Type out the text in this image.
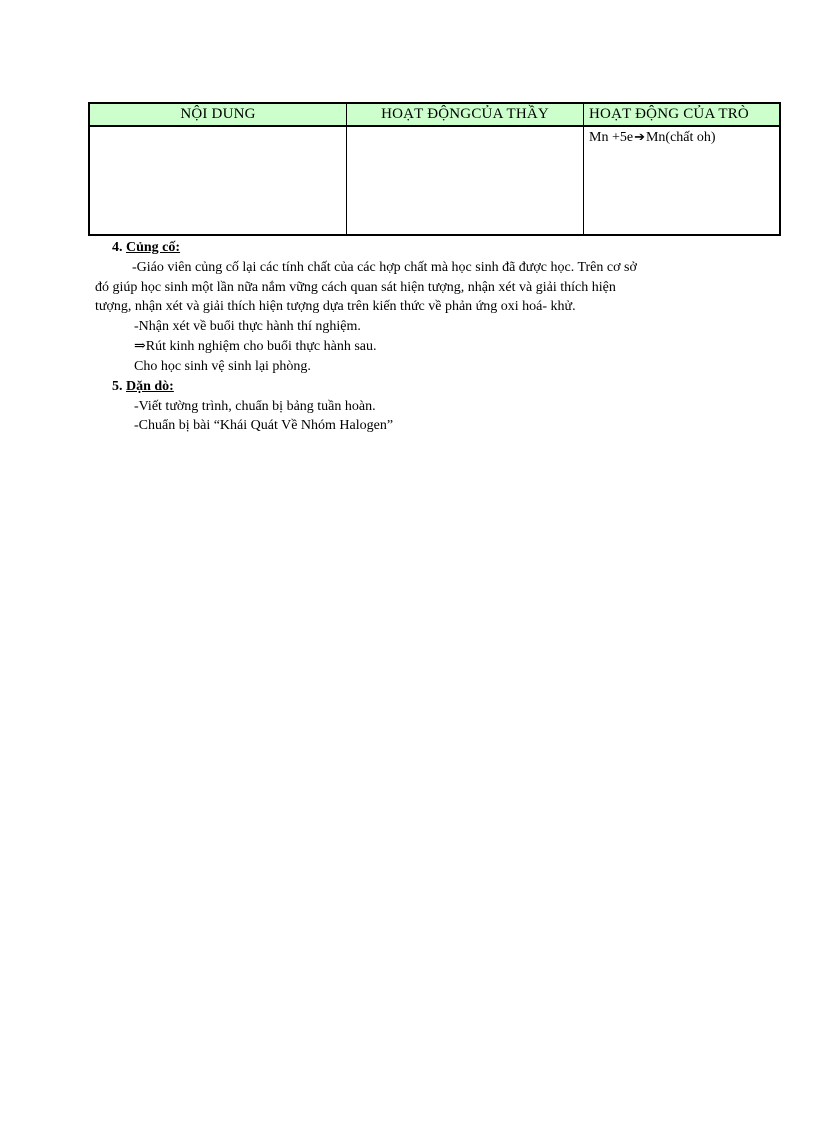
NỘI DUNG	HOẠT ĐỘNGCỦA THẦY	HOẠT ĐỘNG CỦA TRÒ
		Mn +5e➔Mn(chất oh)
4. Củng cố:
-Giáo viên củng cố lại các tính chất của các hợp chất mà học sinh đã được học. Trên cơ sở
đó giúp học sinh một lần nữa nắm vững cách quan sát hiện tượng, nhận xét và giải thích hiện
tượng, nhận xét và giải thích hiện tượng dựa trên kiến thức về phản ứng oxi hoá- khử.
-Nhận xét về buổi thực hành thí nghiệm.
⇒Rút kinh nghiệm cho buổi thực hành sau.
Cho học sinh vệ sinh lại phòng.
5. Dặn dò:
-Viết tường trình, chuẩn bị bảng tuần hoàn.
-Chuẩn bị bài “Khái Quát Về Nhóm Halogen”
